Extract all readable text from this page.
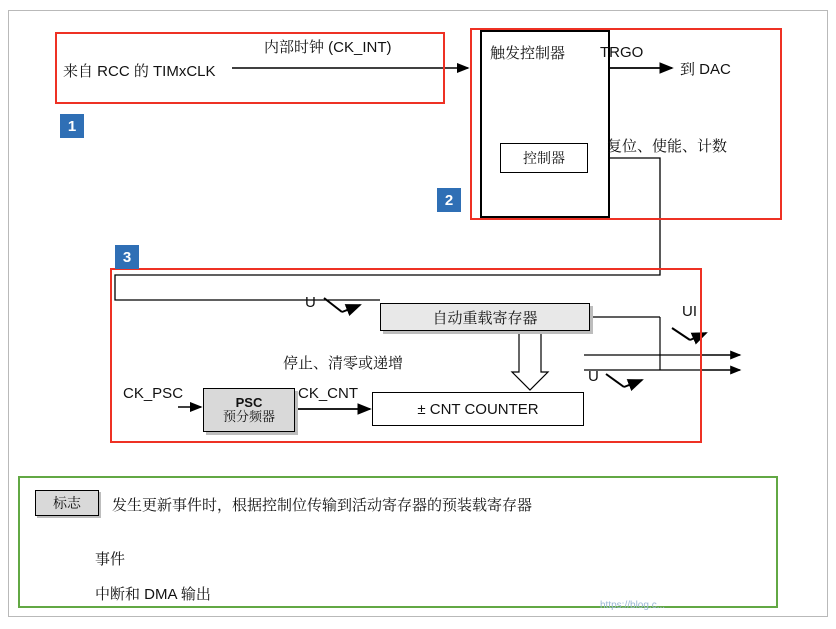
控制器
1
2
3
来自 RCC 的 TIMxCLK
内部时钟 (CK_INT)	触发控制器 TRGO
到 DAC
复位、使能、计数
U
UI
U
停止、清零或递增
CK_PSC	CK_CNT
自动重载寄存器
PSC
预分频器	± CNT COUNTER
标志	发生更新事件时，根据控制位传输到活动寄存器的预装载寄存器
事件
中断和 DMA 输出
https://blog.c...
